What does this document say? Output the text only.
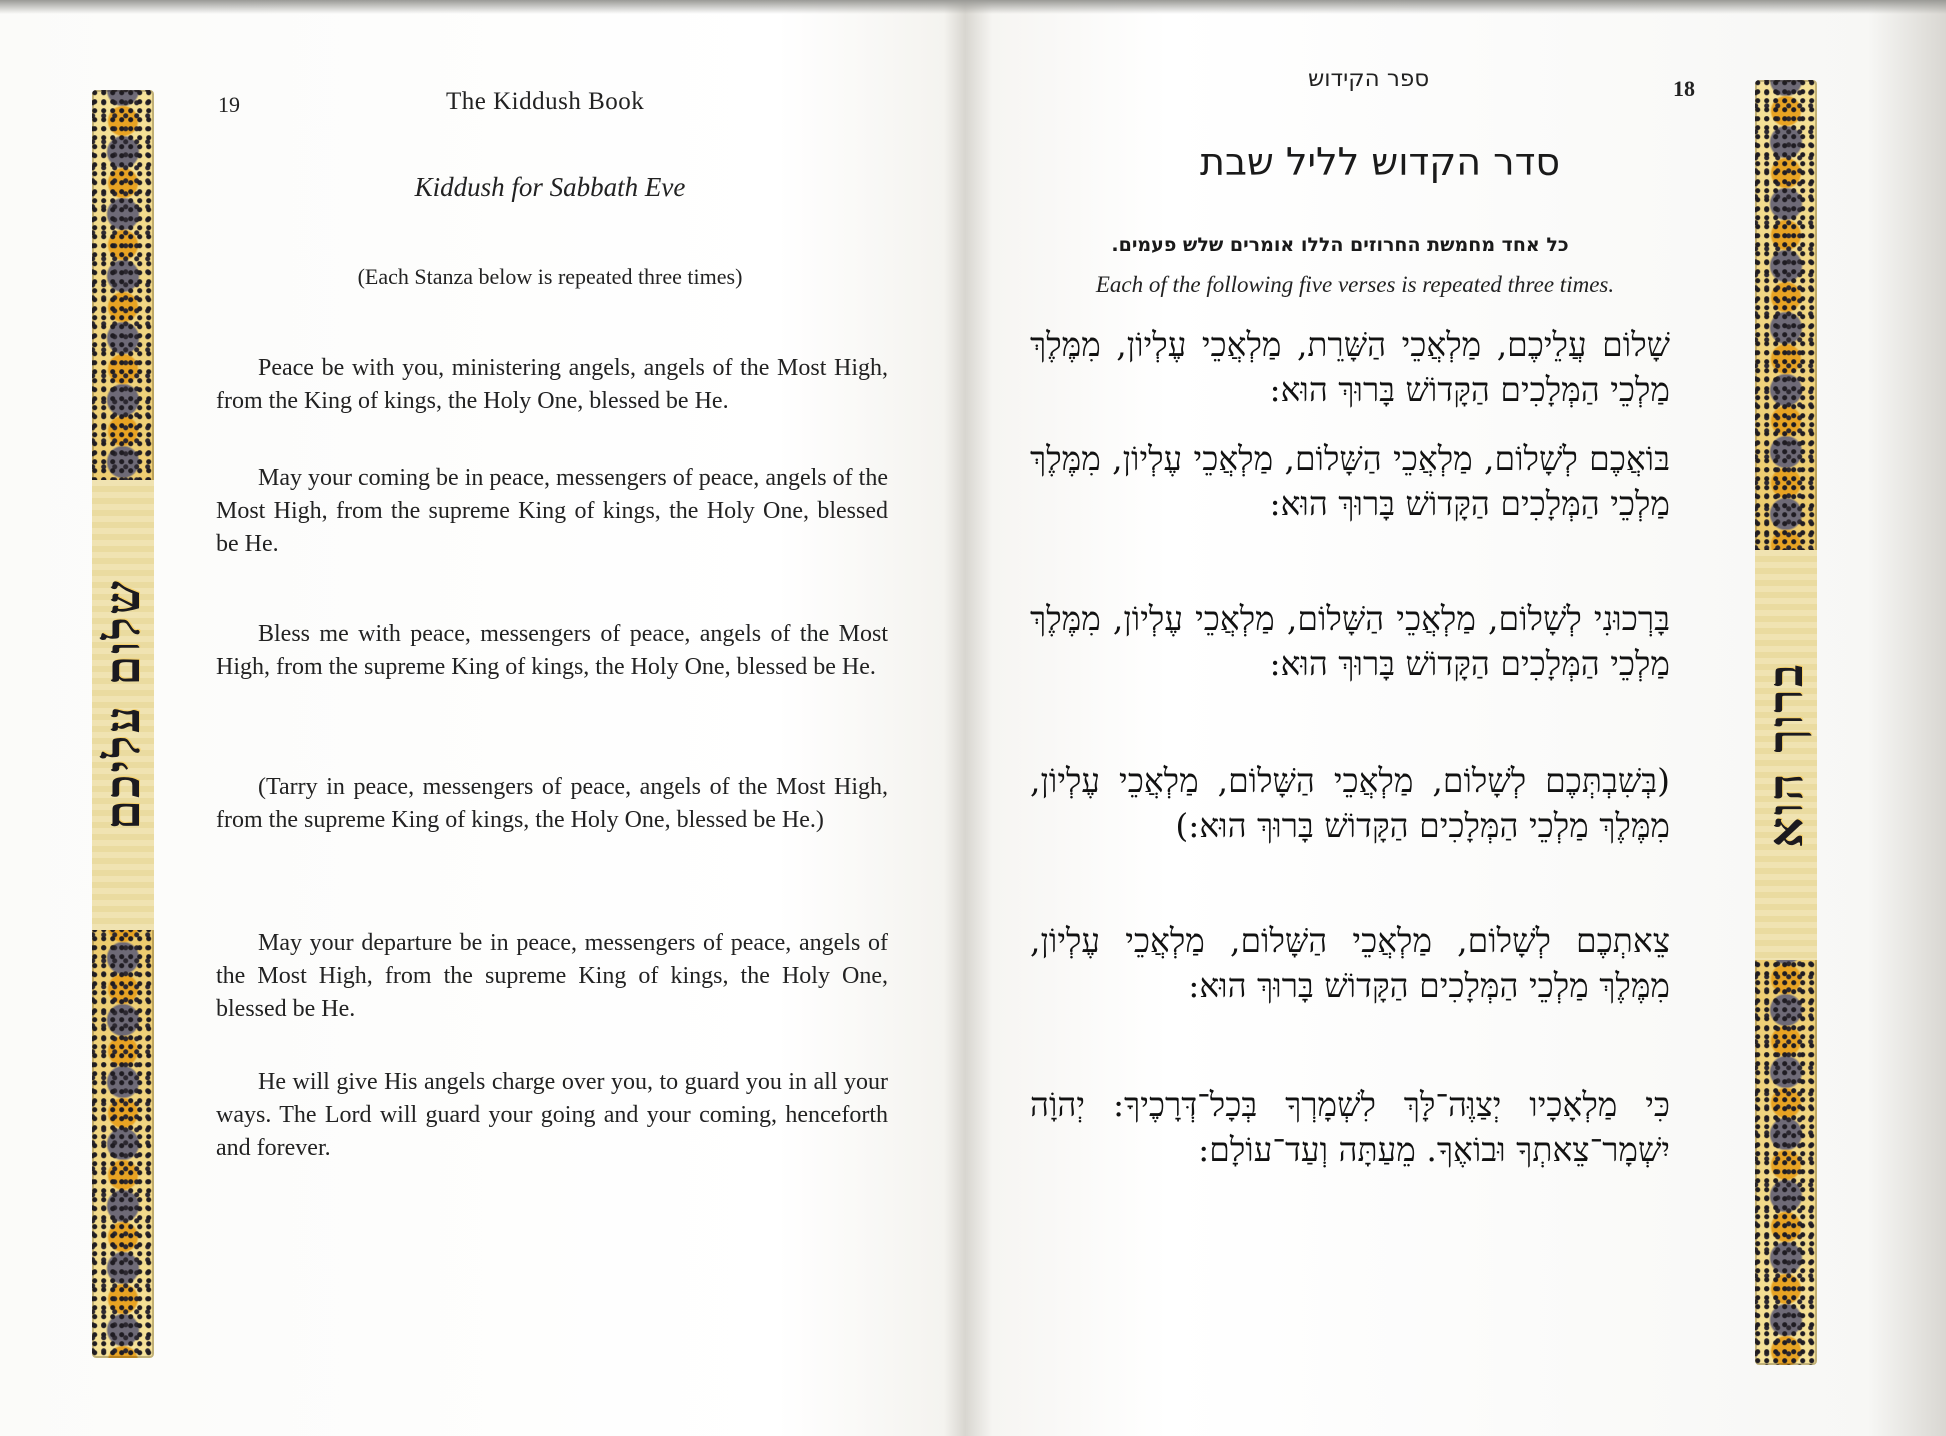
שלום עליכם
19	The Kiddush Book
Kiddush for Sabbath Eve
(Each Stanza below is repeated three times)
Peace be with you, ministering angels, angels of the Most High, from the King of kings, the Holy One, blessed be He.
May your coming be in peace, messengers of peace, angels of the Most High, from the supreme King of kings, the Holy One, blessed be He.
Bless me with peace, messengers of peace, angels of the Most High, from the supreme King of kings, the Holy One, blessed be He.
(Tarry in peace, messengers of peace, angels of the Most High, from the supreme King of kings, the Holy One, blessed be He.)
May your departure be in peace, messengers of peace, angels of the Most High, from the supreme King of kings, the Holy One, blessed be He.
He will give His angels charge over you, to guard you in all your ways. The Lord will guard your going and your coming, henceforth and forever.
18
ספר הקידוש
סדר הקדוש לליל שבת
כל אחד מחמשת החרוזים הללו אומרים שלש פעמים.
Each of the following five verses is repeated three times.
שָׁלוֹם עֲלֵיכֶם, מַלְאֲכֵי הַשָּׁרֵת, מַלְאֲכֵי עֶלְיוֹן, מִמֶּלֶךְ מַלְכֵי הַמְּלָכִים הַקָּדוֹשׁ בָּרוּךְ הוּא:
בּוֹאֲכֶם לְשָׁלוֹם, מַלְאֲכֵי הַשָּׁלוֹם, מַלְאֲכֵי עֶלְיוֹן, מִמֶּלֶךְ מַלְכֵי הַמְּלָכִים הַקָּדוֹשׁ בָּרוּךְ הוּא:
בָּרְכוּנִי לְשָׁלוֹם, מַלְאֲכֵי הַשָּׁלוֹם, מַלְאֲכֵי עֶלְיוֹן, מִמֶּלֶךְ מַלְכֵי הַמְּלָכִים הַקָּדוֹשׁ בָּרוּךְ הוּא:
(בְּשִׁבְתְּכֶם לְשָׁלוֹם, מַלְאֲכֵי הַשָּׁלוֹם, מַלְאֲכֵי עֶלְיוֹן, מִמֶּלֶךְ מַלְכֵי הַמְּלָכִים הַקָּדוֹשׁ בָּרוּךְ הוּא:)
צֵאתְכֶם לְשָׁלוֹם, מַלְאֲכֵי הַשָּׁלוֹם, מַלְאֲכֵי עֶלְיוֹן, מִמֶּלֶךְ מַלְכֵי הַמְּלָכִים הַקָּדוֹשׁ בָּרוּךְ הוּא:
כִּי מַלְאָכָיו יְצַוֶּה־לָּךְ לִשְׁמָרְךָ בְּכָל־דְּרָכֶיךָ: יְהוָֹה יִשְׁמָר־צֵאתְךָ וּבוֹאֶךָ. מֵעַתָּה וְעַד־עוֹלָם:
ברוך הוא
